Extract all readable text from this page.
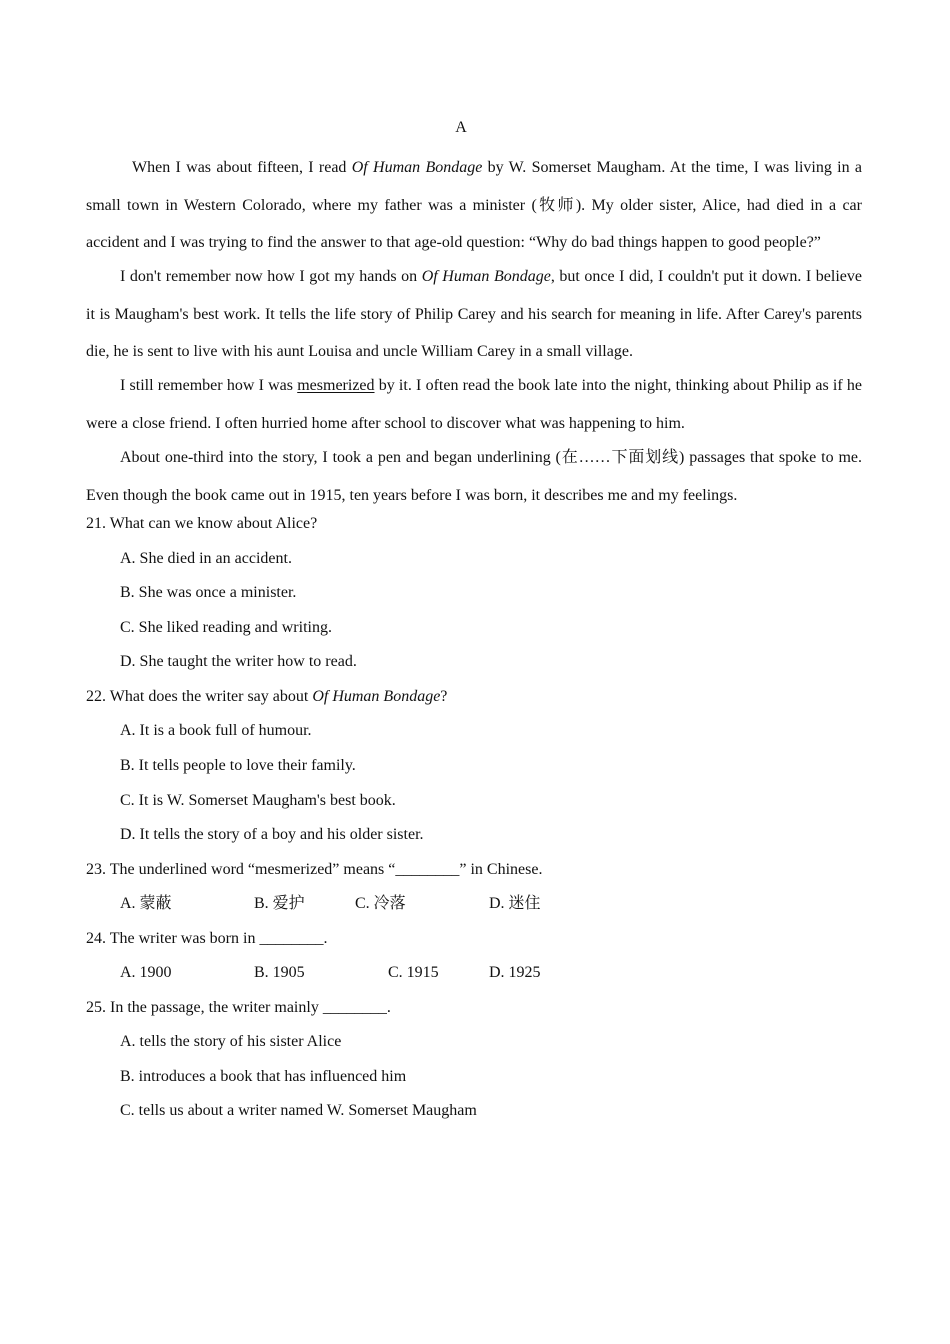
A

When I was about fifteen, I read Of Human Bondage by W. Somerset Maugham. At the time, I was living in a small town in Western Colorado, where my father was a minister (牧师). My older sister, Alice, had died in a car accident and I was trying to find the answer to that age-old question: “Why do bad things happen to good people?”

I don't remember now how I got my hands on Of Human Bondage, but once I did, I couldn't put it down. I believe it is Maugham's best work. It tells the life story of Philip Carey and his search for meaning in life. After Carey's parents die, he is sent to live with his aunt Louisa and uncle William Carey in a small village.

I still remember how I was mesmerized by it. I often read the book late into the night, thinking about Philip as if he were a close friend. I often hurried home after school to discover what was happening to him.

About one-third into the story, I took a pen and began underlining (在……下面划线) passages that spoke to me. Even though the book came out in 1915, ten years before I was born, it describes me and my feelings.

21. What can we know about Alice?
A. She died in an accident.
B. She was once a minister.
C. She liked reading and writing.
D. She taught the writer how to read.
22. What does the writer say about Of Human Bondage?
A. It is a book full of humour.
B. It tells people to love their family.
C. It is W. Somerset Maugham's best book.
D. It tells the story of a boy and his older sister.
23. The underlined word “mesmerized” means “________” in Chinese.
A. 蒙蔽	B. 爱护	C. 冷落	D. 迷住
24. The writer was born in ________.
A. 1900	B. 1905	C. 1915	D. 1925
25. In the passage, the writer mainly ________.
A. tells the story of his sister Alice
B. introduces a book that has influenced him
C. tells us about a writer named W. Somerset Maugham
